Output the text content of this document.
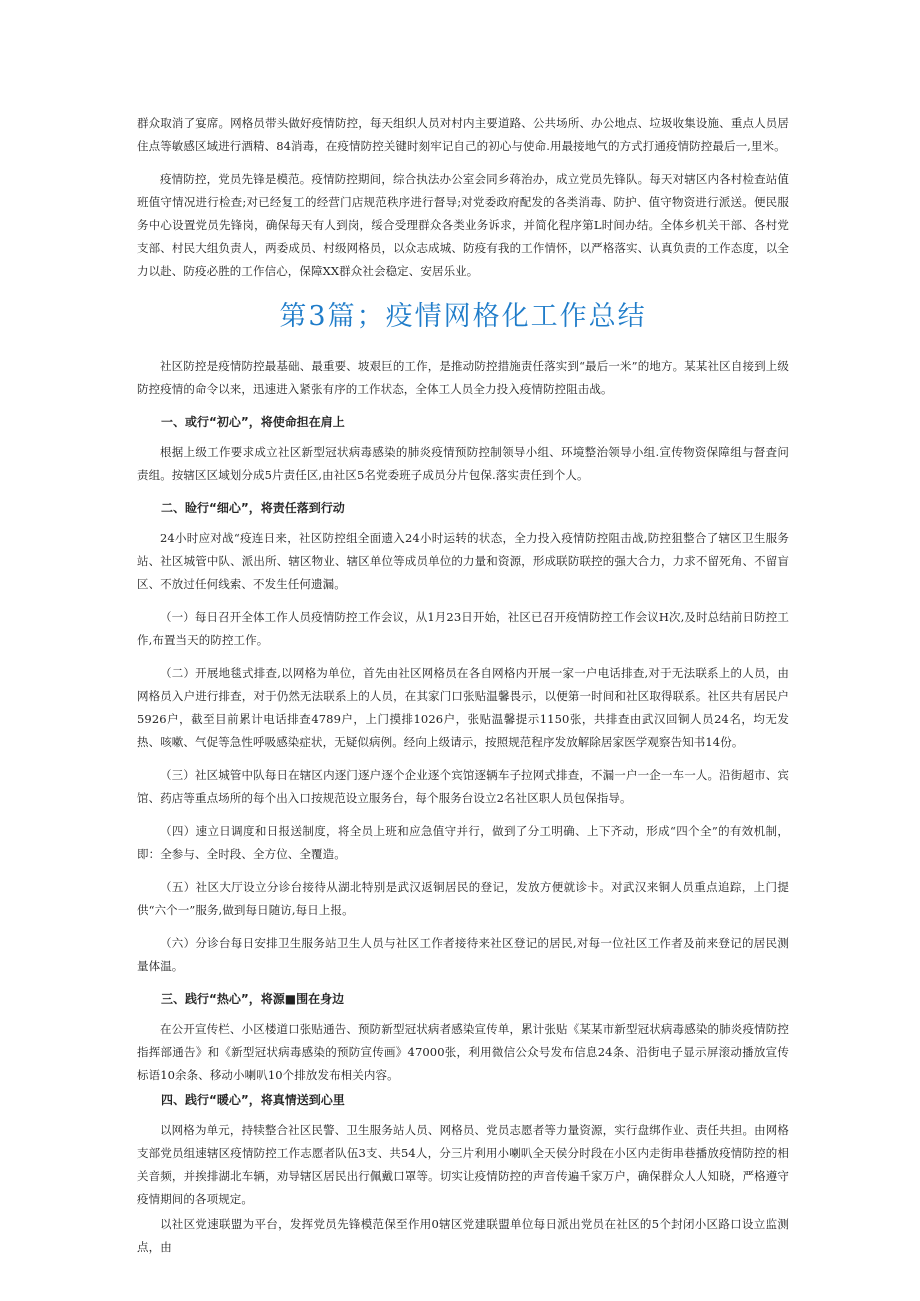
群众取消了宴席。网格员带头做好疫情防控，每天组织人员对村内主要道路、公共场所、办公地点、垃圾收集设施、重点人员居住点等敏感区域进行酒精、84消毒，在疫情防控关键时刻牢记自己的初心与使命.用最接地气的方式打通疫情防控最后一,里米。

疫情防控，党员先锋是模范。疫情防控期间，综合执法办公室会同乡蒋治办，成立党员先锋队。每天对辖区内各村检查站值班值守情况进行检查;对已经复工的经营门店规范秩序进行督导;对党委政府配发的各类消毒、防护、值守物资进行派送。便民服务中心设置党员先锋岗，确保每天有人到岗，绥合受理群众各类业务诉求，并简化程序第L时间办结。全体乡机关干部、各村党支部、村民大组负责人，两委成员、村级网格员，以众志成城、防疫有我的工作情怀，以严格落实、认真负责的工作态度，以全力以赴、防疫必胜的工作信心，保障XX群众社会稳定、安居乐业。

第3篇；疫情网格化工作总结

社区防控是疫情防控最基础、最重要、坡艰巨的工作，是推动防控措施责任落实到“最后一米”的地方。某某社区自接到上级防控疫情的命令以来，迅速进入紧张有序的工作状态，全体工人员全力投入疫情防控阻击战。

一、或行“初心”，将使命担在肩上

根据上级工作要求成立社区新型冠状病毒感染的肺炎疫情预防控制领导小组、环境整治领导小组.宣传物资保障组与督査问责组。按辖区区域划分成5片责任区,由社区5名党委班子成员分片包保.落实责任到个人。

二、睑行“细心”，将责任落到行动

24小时应对战“疫连日来，社区防控组全面遗入24小时运转的状态，全力投入疫情防控阻击战,防控狙整合了辖区卫生服务站、社区城管中队、派出所、辖区物业、辖区单位等成员单位的力量和资源，形成联防联控的强大合力，力求不留死角、不留盲区、不放过任何线索、不发生任何遗漏。

（一）每日召开全体工作人员疫情防控工作会议，从1月23日开始，社区已召开疫情防控工作会议H次,及时总结前日防控工作,布置当天的防控工作。

（二）开展地毯式排查,以网格为单位，首先由社区网格员在各自网格内开展一家一户电话排查,对于无法联系上的人员，由网格员入户进行排查，对于仍然无法联系上的人员，在其家门口张贴温馨畏示，以便第一时间和社区取得联系。社区共有居民户5926户，截至目前累计电话排查4789户，上门摸排1026户，张贴温馨提示1150张，共排查由武汉回铜人员24名，均无发热、咳嗽、气促等急性呼吸感染症状，无疑似病例。经向上级请示，按照规范程序发放解除居家医学观察告知书14份。

（三）社区城管中队每日在辖区内逐门逐户逐个企业逐个宾馆逐辆车子拉网式排查，不漏一户一企一车一人。沿街超市、宾馆、药店等重点场所的每个出入口按规范设立服务台，每个服务台设立2名社区职人员包保指导。

（四）速立日调度和日报送制度，将全员上班和应急值守并行，做到了分工明确、上下齐动，形成“四个全”的有效机制，即：全参与、全时段、全方位、全覆造。

（五）社区大厅设立分诊台接待从湖北特别是武汉返铜居民的登记，发放方便就诊卡。对武汉来铜人员重点追踪，上门提供“六个一”服务,做到每日随访,每日上报。

（六）分诊台每日安排卫生服务站卫生人员与社区工作者接待来社区登记的居民,对每一位社区工作者及前来登记的居民测量体温。

三、践行“热心”，将源■围在身边

在公开宣传栏、小区楼道口张贴通告、预防新型冠状病者感染宣传单，累计张贴《某某市新型冠状病毒感染的肺炎疫情防控指挥部通告》和《新型冠状病毒感染的预防宣传画》47000张，利用微信公众号发布信息24条、沿街电子显示屏滚动播放宣传标语10余条、移动小喇叭10个排放发布相关内容。

四、践行“暖心”，将真情送到心里

以网格为单元，持犊整合社区民警、卫生服务站人员、网格员、党员志愿者等力量资源，实行盘绑作业、责任共担。由网格支部党员组速辖区疫情防控工作志愿者队伍3支、共54人，分三片利用小喇叭全天侯分时段在小区内走街串巷播放疫情防控的相关音频，并挨排湖北车辆，劝导辖区居民出行佩戴口罩等。切实让疫情防控的声音传遍千家万户，确保群众人人知晓，严格遵守疫情期间的各项规定。

以社区党速联盟为平台，发挥党员先锋模范保至作用0辖区党建联盟单位每日派出党员在社区的5个封闭小区路口设立监测点，由
